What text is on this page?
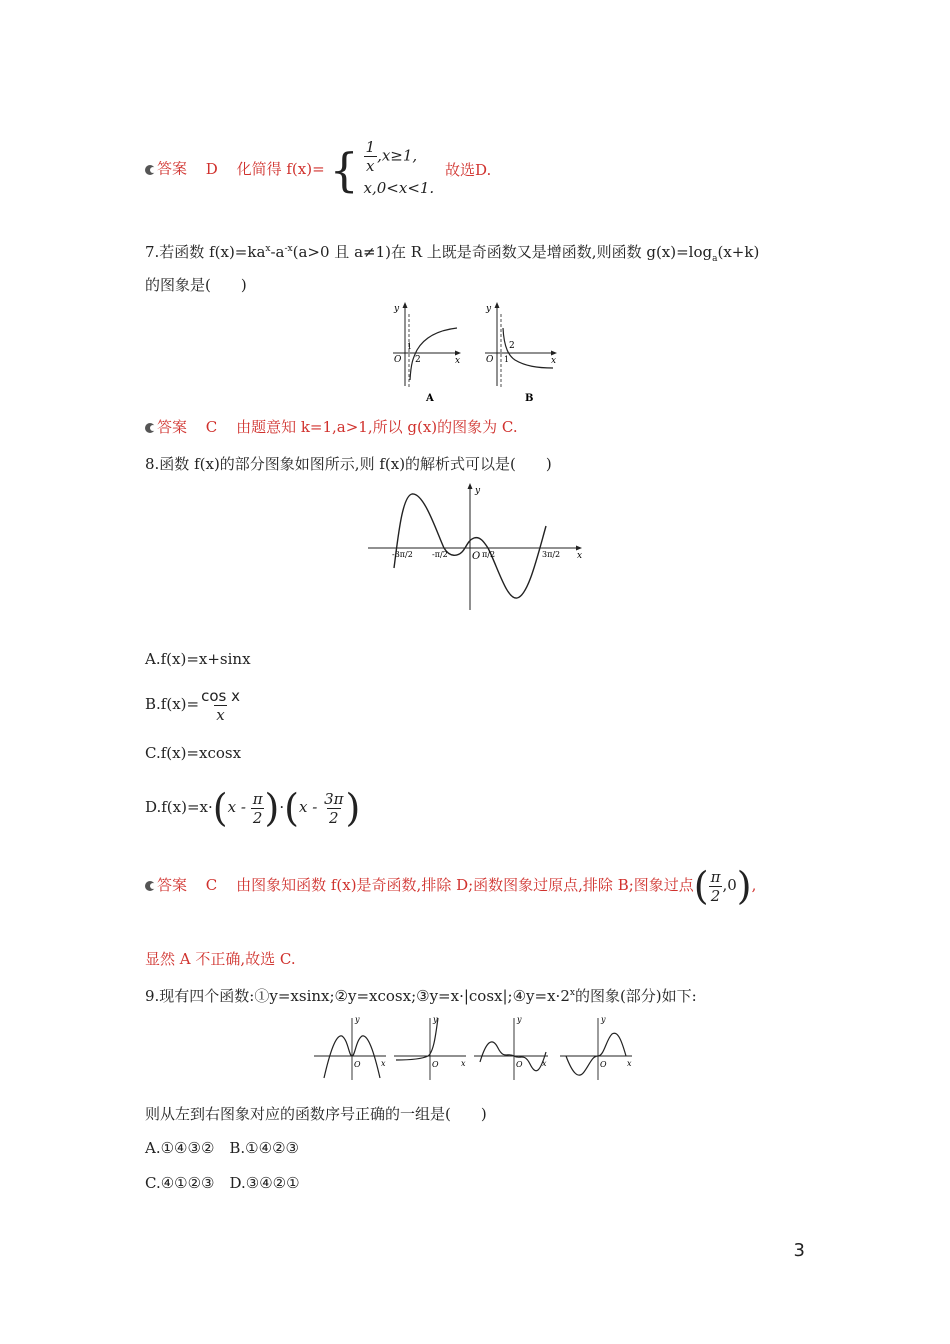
答案 D 化简得 f(x)= { $\frac{1}{x} ,x\ge 1$,
x,0<x<1.
故选D.
7.若函数 $f(x)=ka^x-a^{-x}(a>0$ 且 a≠1)在 R 上既是奇函数又是增函数,则函数 $g(x)=\log_a(x+k)$
的图象是(　　)
y
x
O
1
2
A
y
x
O 1
2
B
答案 C 由题意知 k=1,a>1,所以 g(x)的图象为 C.
8.函数 f(x)的部分图象如图所示,则 f(x)的解析式可以是(　　)
y
x
O
-3π/2 -π/2	π/2	3π/2
A.f(x)=x+sinx
$B.f(x)= \frac{\text{cos x}}{x}$
C.f(x)=xcosx
$D.f(x)=x\cdot(x - \frac{\pi}{2} )\cdot(x - \frac{3\pi}{2}$ )
答案 C 由图象知函数 f(x)是奇函数,排除 D;函数图象过原点,排除 B;图象过点( $\frac{\pi}{2} ,0$),
显然 A 不正确,故选 C.
9.现有四个函数$:①y=xsinx;②y=xcosx;③y=x\cdot|\cos x|;④y=x\cdot 2^x$的图象(部分)如下:
y
x
O
y
x
O
y
x
O
y
x
O
则从左到右图象对应的函数序号正确的一组是(　　)
A.①④③②　B.①④②③
C.④①②③　D.③④②①
3
